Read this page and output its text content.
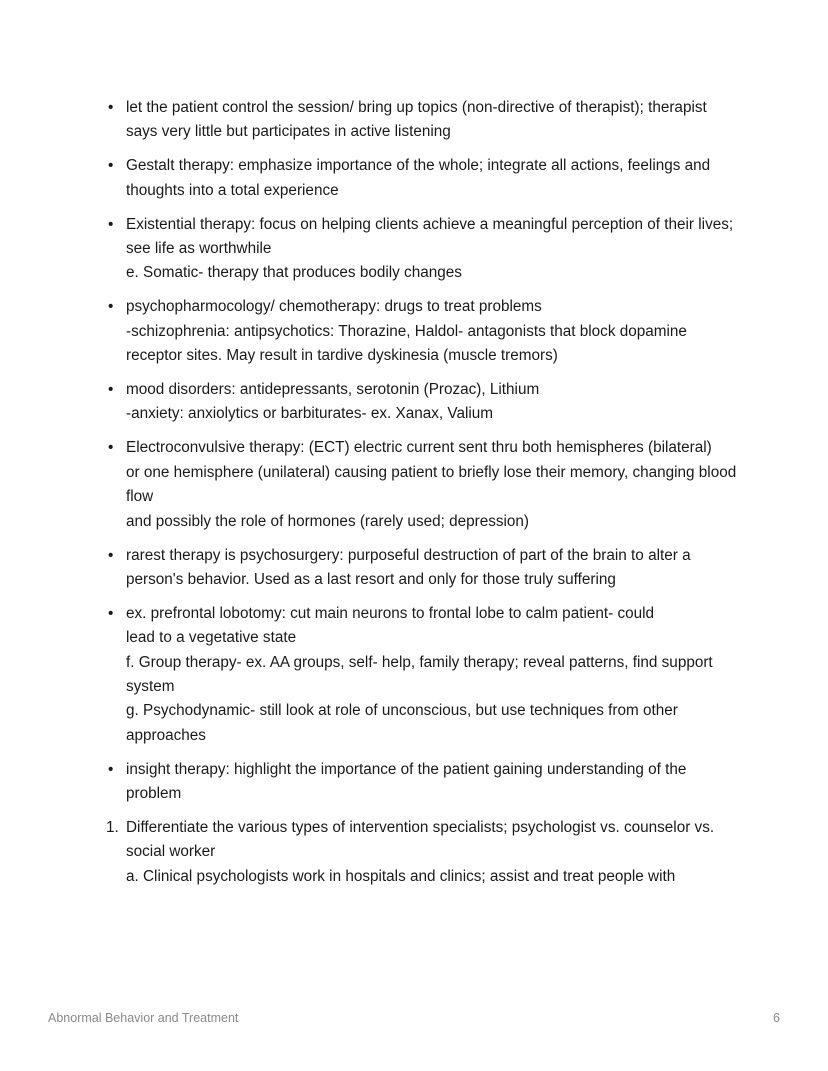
• let the patient control the session/ bring up topics (non-directive of therapist); therapist
says very little but participates in active listening
• Gestalt therapy: emphasize importance of the whole; integrate all actions, feelings and
thoughts into a total experience
• Existential therapy: focus on helping clients achieve a meaningful perception of their lives; see life as worthwhile
e. Somatic- therapy that produces bodily changes
• psychopharmocology/ chemotherapy: drugs to treat problems
-schizophrenia: antipsychotics: Thorazine, Haldol- antagonists that block dopamine receptor sites. May result in tardive dyskinesia (muscle tremors)
• mood disorders: antidepressants, serotonin (Prozac), Lithium
-anxiety: anxiolytics or barbiturates- ex. Xanax, Valium
• Electroconvulsive therapy: (ECT) electric current sent thru both hemispheres (bilateral)
or one hemisphere (unilateral) causing patient to briefly lose their memory, changing blood flow
and possibly the role of hormones (rarely used; depression)
• rarest therapy is psychosurgery: purposeful destruction of part of the brain to alter a person's behavior. Used as a last resort and only for those truly suffering
• ex. prefrontal lobotomy: cut main neurons to frontal lobe to calm patient- could
lead to a vegetative state
f. Group therapy- ex. AA groups, self- help, family therapy; reveal patterns, find support system
g. Psychodynamic- still look at role of unconscious, but use techniques from other approaches
• insight therapy: highlight the importance of the patient gaining understanding of the problem
1. Differentiate the various types of intervention specialists; psychologist vs. counselor vs. social worker
a. Clinical psychologists work in hospitals and clinics; assist and treat people with
Abnormal Behavior and Treatment	6
